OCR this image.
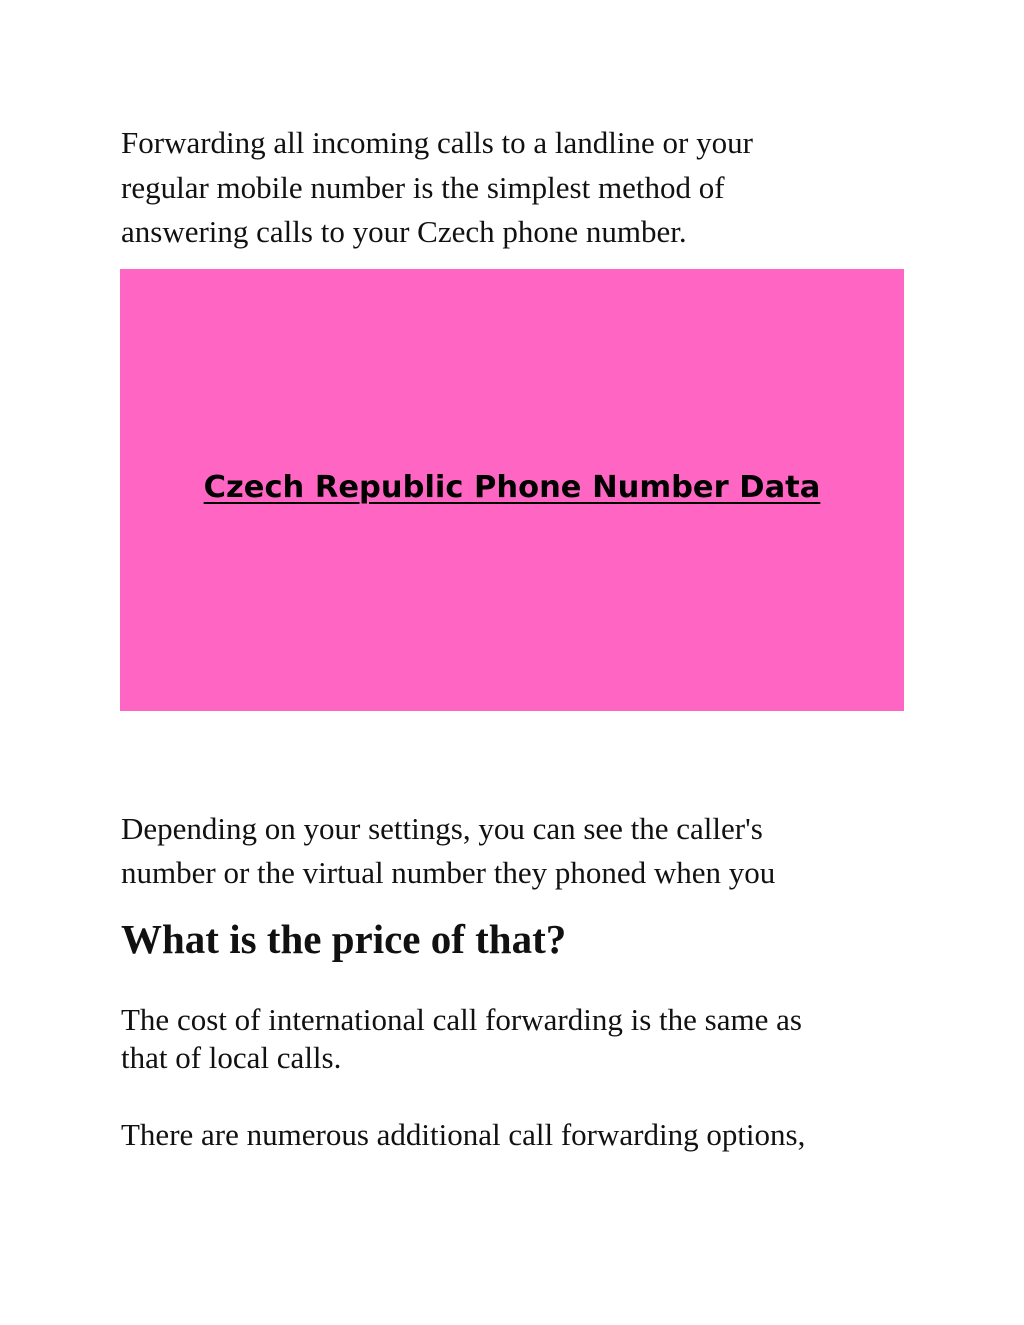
Forwarding all incoming calls to a landline or your
regular mobile number is the simplest method of
answering calls to your Czech phone number.

Czech Republic Phone Number Data

Depending on your settings, you can see the caller's
number or the virtual number they phoned when you

What is the price of that?

The cost of international call forwarding is the same as
that of local calls.

There are numerous additional call forwarding options,
